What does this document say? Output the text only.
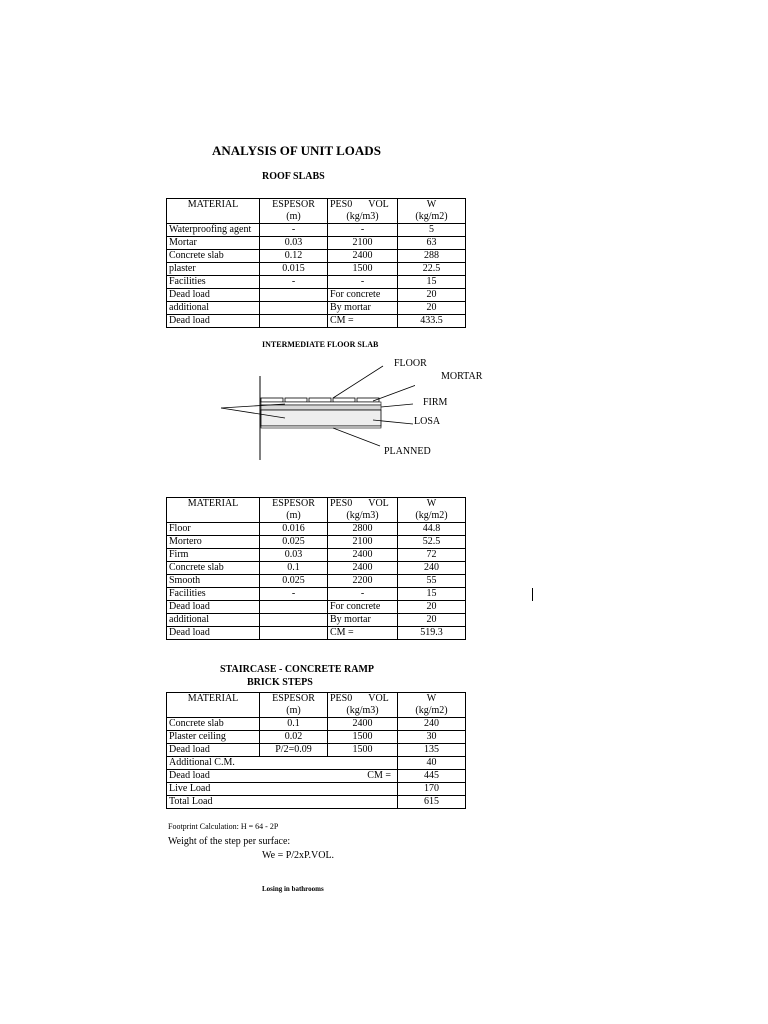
ANALYSIS OF UNIT LOADS
ROOF SLABS
MATERIAL	ESPESOR	PES0 VOL	W
	(m)	(kg/m3)	(kg/m2)
Waterproofing agent	-	-	5
Mortar	0.03	2100	63
Concrete slab	0.12	2400	288
plaster	0.015	1500	22.5
Facilities	-	-	15
Dead load		For concrete	20
additional		By mortar	20
Dead load		CM =	433.5
INTERMEDIATE FLOOR SLAB
FLOOR
MORTAR
FIRM
LOSA
PLANNED
MATERIAL	ESPESOR	PES0 VOL	W
	(m)	(kg/m3)	(kg/m2)
Floor	0.016	2800	44.8
Mortero	0.025	2100	52.5
Firm	0.03	2400	72
Concrete slab	0.1	2400	240
Smooth	0.025	2200	55
Facilities	-	-	15
Dead load		For concrete	20
additional		By mortar	20
Dead load		CM =	519.3
STAIRCASE - CONCRETE RAMP
BRICK STEPS
MATERIAL	ESPESOR	PES0 VOL	W
	(m)	(kg/m3)	(kg/m2)
Concrete slab	0.1	2400	240
Plaster ceiling	0.02	1500	30
Dead load	P/2=0.09	1500	135
Additional C.M.			40
Dead load		CM =	445
Live Load			170
Total Load			615
Footprint Calculation: H = 64 - 2P
Weight of the step per surface:
We = P/2xP.VOL.
Losing in bathrooms
